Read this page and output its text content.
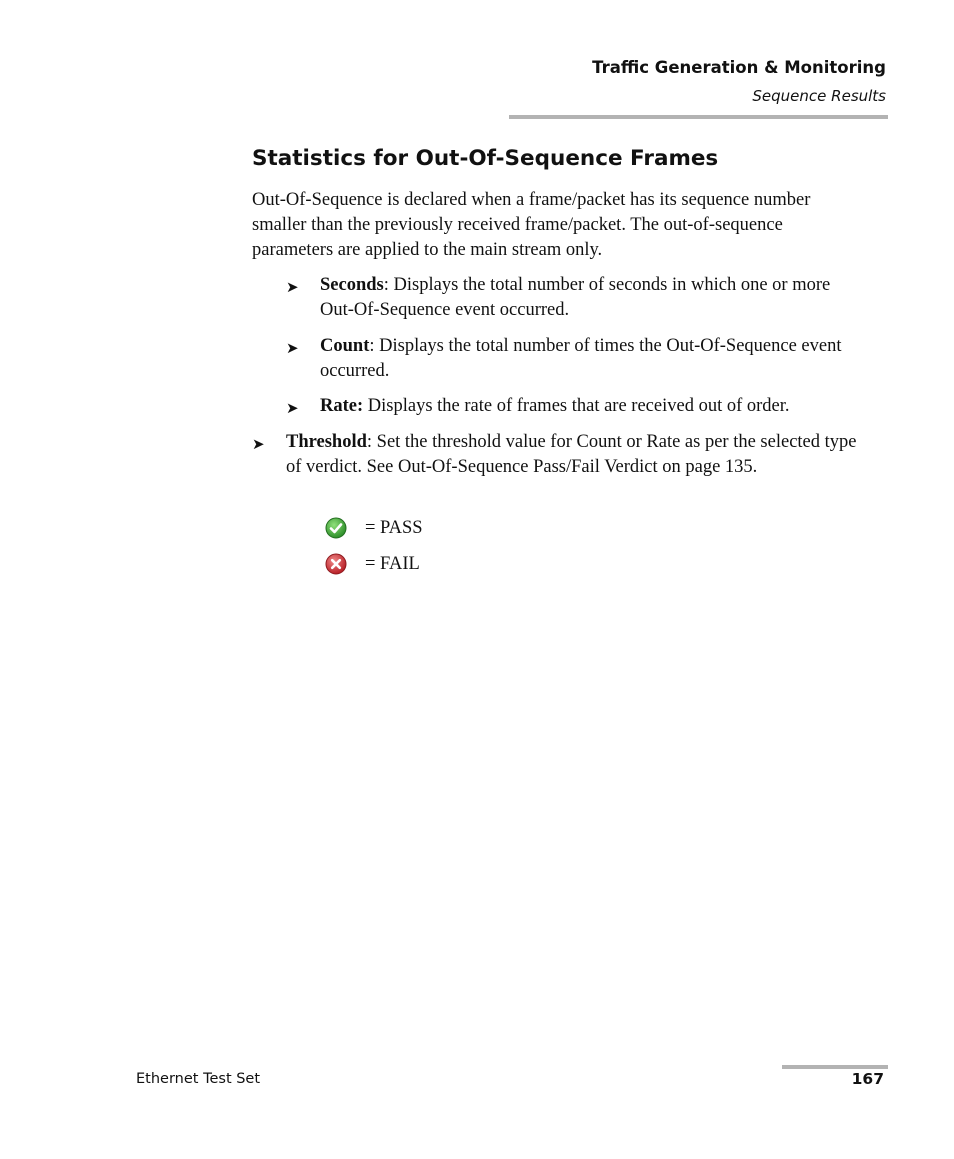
Traffic Generation & Monitoring
Sequence Results
Statistics for Out-Of-Sequence Frames

Out-Of-Sequence is declared when a frame/packet has its sequence number smaller than the previously received frame/packet. The out-of-sequence parameters are applied to the main stream only.

➤ Seconds: Displays the total number of seconds in which one or more Out-Of-Sequence event occurred.

➤ Count: Displays the total number of times the Out-Of-Sequence event occurred.

➤ Rate: Displays the rate of frames that are received out of order.

➤ Threshold: Set the threshold value for Count or Rate as per the selected type of verdict. See Out-Of-Sequence Pass/Fail Verdict on page 135.

= PASS
= FAIL
Ethernet Test Set	167
